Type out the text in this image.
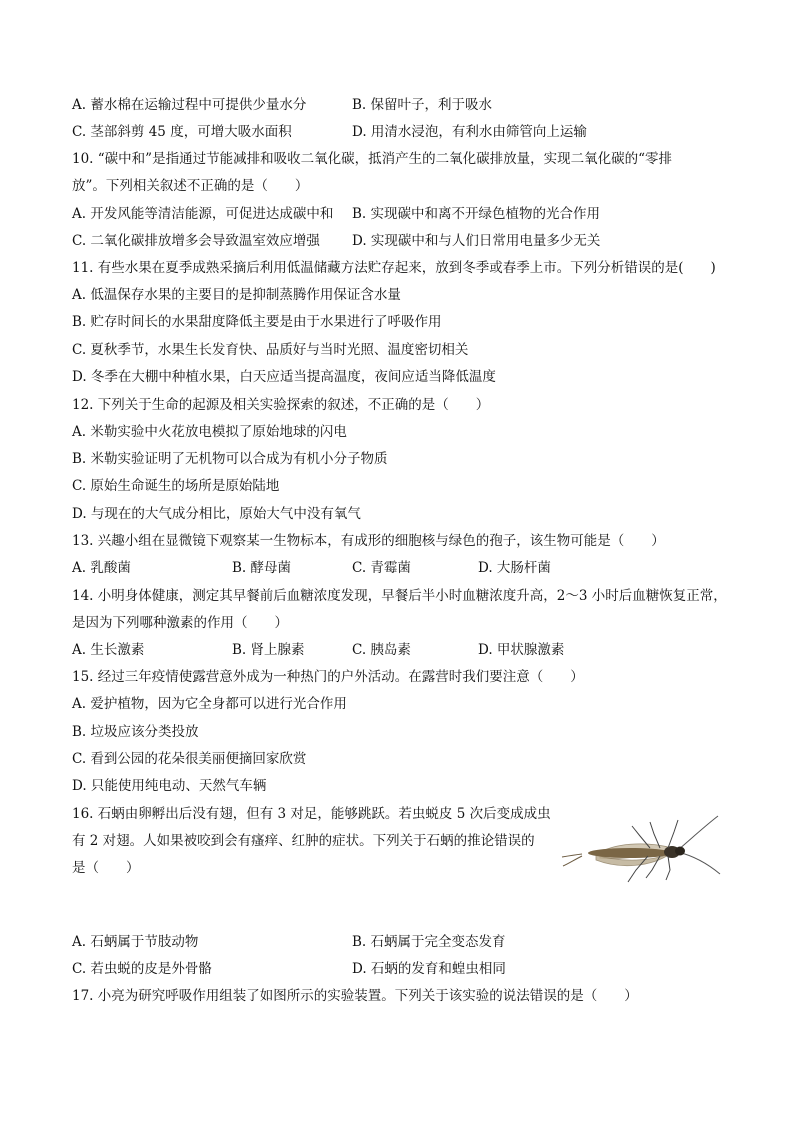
A. 蓄水棉在运输过程中可提供少量水分	B. 保留叶子，利于吸水
C. 茎部斜剪 45 度，可增大吸水面积	D. 用清水浸泡，有利水由筛管向上运输
10. “碳中和”是指通过节能减排和吸收二氧化碳，抵消产生的二氧化碳排放量，实现二氧化碳的“零排
放”。下列相关叙述不正确的是（　　）
A. 开发风能等清洁能源，可促进达成碳中和 B. 实现碳中和离不开绿色植物的光合作用
C. 二氧化碳排放增多会导致温室效应增强 D. 实现碳中和与人们日常用电量多少无关
11. 有些水果在夏季成熟采摘后利用低温储藏方法贮存起来，放到冬季或春季上市。下列分析错误的是(　　)
A. 低温保存水果的主要目的是抑制蒸腾作用保证含水量
B. 贮存时间长的水果甜度降低主要是由于水果进行了呼吸作用
C. 夏秋季节，水果生长发育快、品质好与当时光照、温度密切相关
D. 冬季在大棚中种植水果，白天应适当提高温度，夜间应适当降低温度
12. 下列关于生命的起源及相关实验探索的叙述，不正确的是（　　）
A. 米勒实验中火花放电模拟了原始地球的闪电
B. 米勒实验证明了无机物可以合成为有机小分子物质
C. 原始生命诞生的场所是原始陆地
D. 与现在的大气成分相比，原始大气中没有氧气
13. 兴趣小组在显微镜下观察某一生物标本，有成形的细胞核与绿色的孢子，该生物可能是（　　）
A. 乳酸菌	B. 酵母菌	C. 青霉菌	D. 大肠杆菌
14. 小明身体健康，测定其早餐前后血糖浓度发现，早餐后半小时血糖浓度升高，2～3 小时后血糖恢复正常，
是因为下列哪种激素的作用（　　）
A. 生长激素	B. 肾上腺素	C. 胰岛素	D. 甲状腺激素
15. 经过三年疫情使露营意外成为一种热门的户外活动。在露营时我们要注意（　　）
A. 爱护植物，因为它全身都可以进行光合作用
B. 垃圾应该分类投放
C. 看到公园的花朵很美丽便摘回家欣赏
D. 只能使用纯电动、天然气车辆
16. 石蛃由卵孵出后没有翅，但有 3 对足，能够跳跃。若虫蜕皮 5 次后变成成虫
有 2 对翅。人如果被咬到会有瘙痒、红肿的症状。下列关于石蛃的推论错误的
是（　　）
A. 石蛃属于节肢动物	B. 石蛃属于完全变态发育
C. 若虫蜕的皮是外骨骼	D. 石蛃的发育和蝗虫相同
17. 小亮为研究呼吸作用组装了如图所示的实验装置。下列关于该实验的说法错误的是（　　）
